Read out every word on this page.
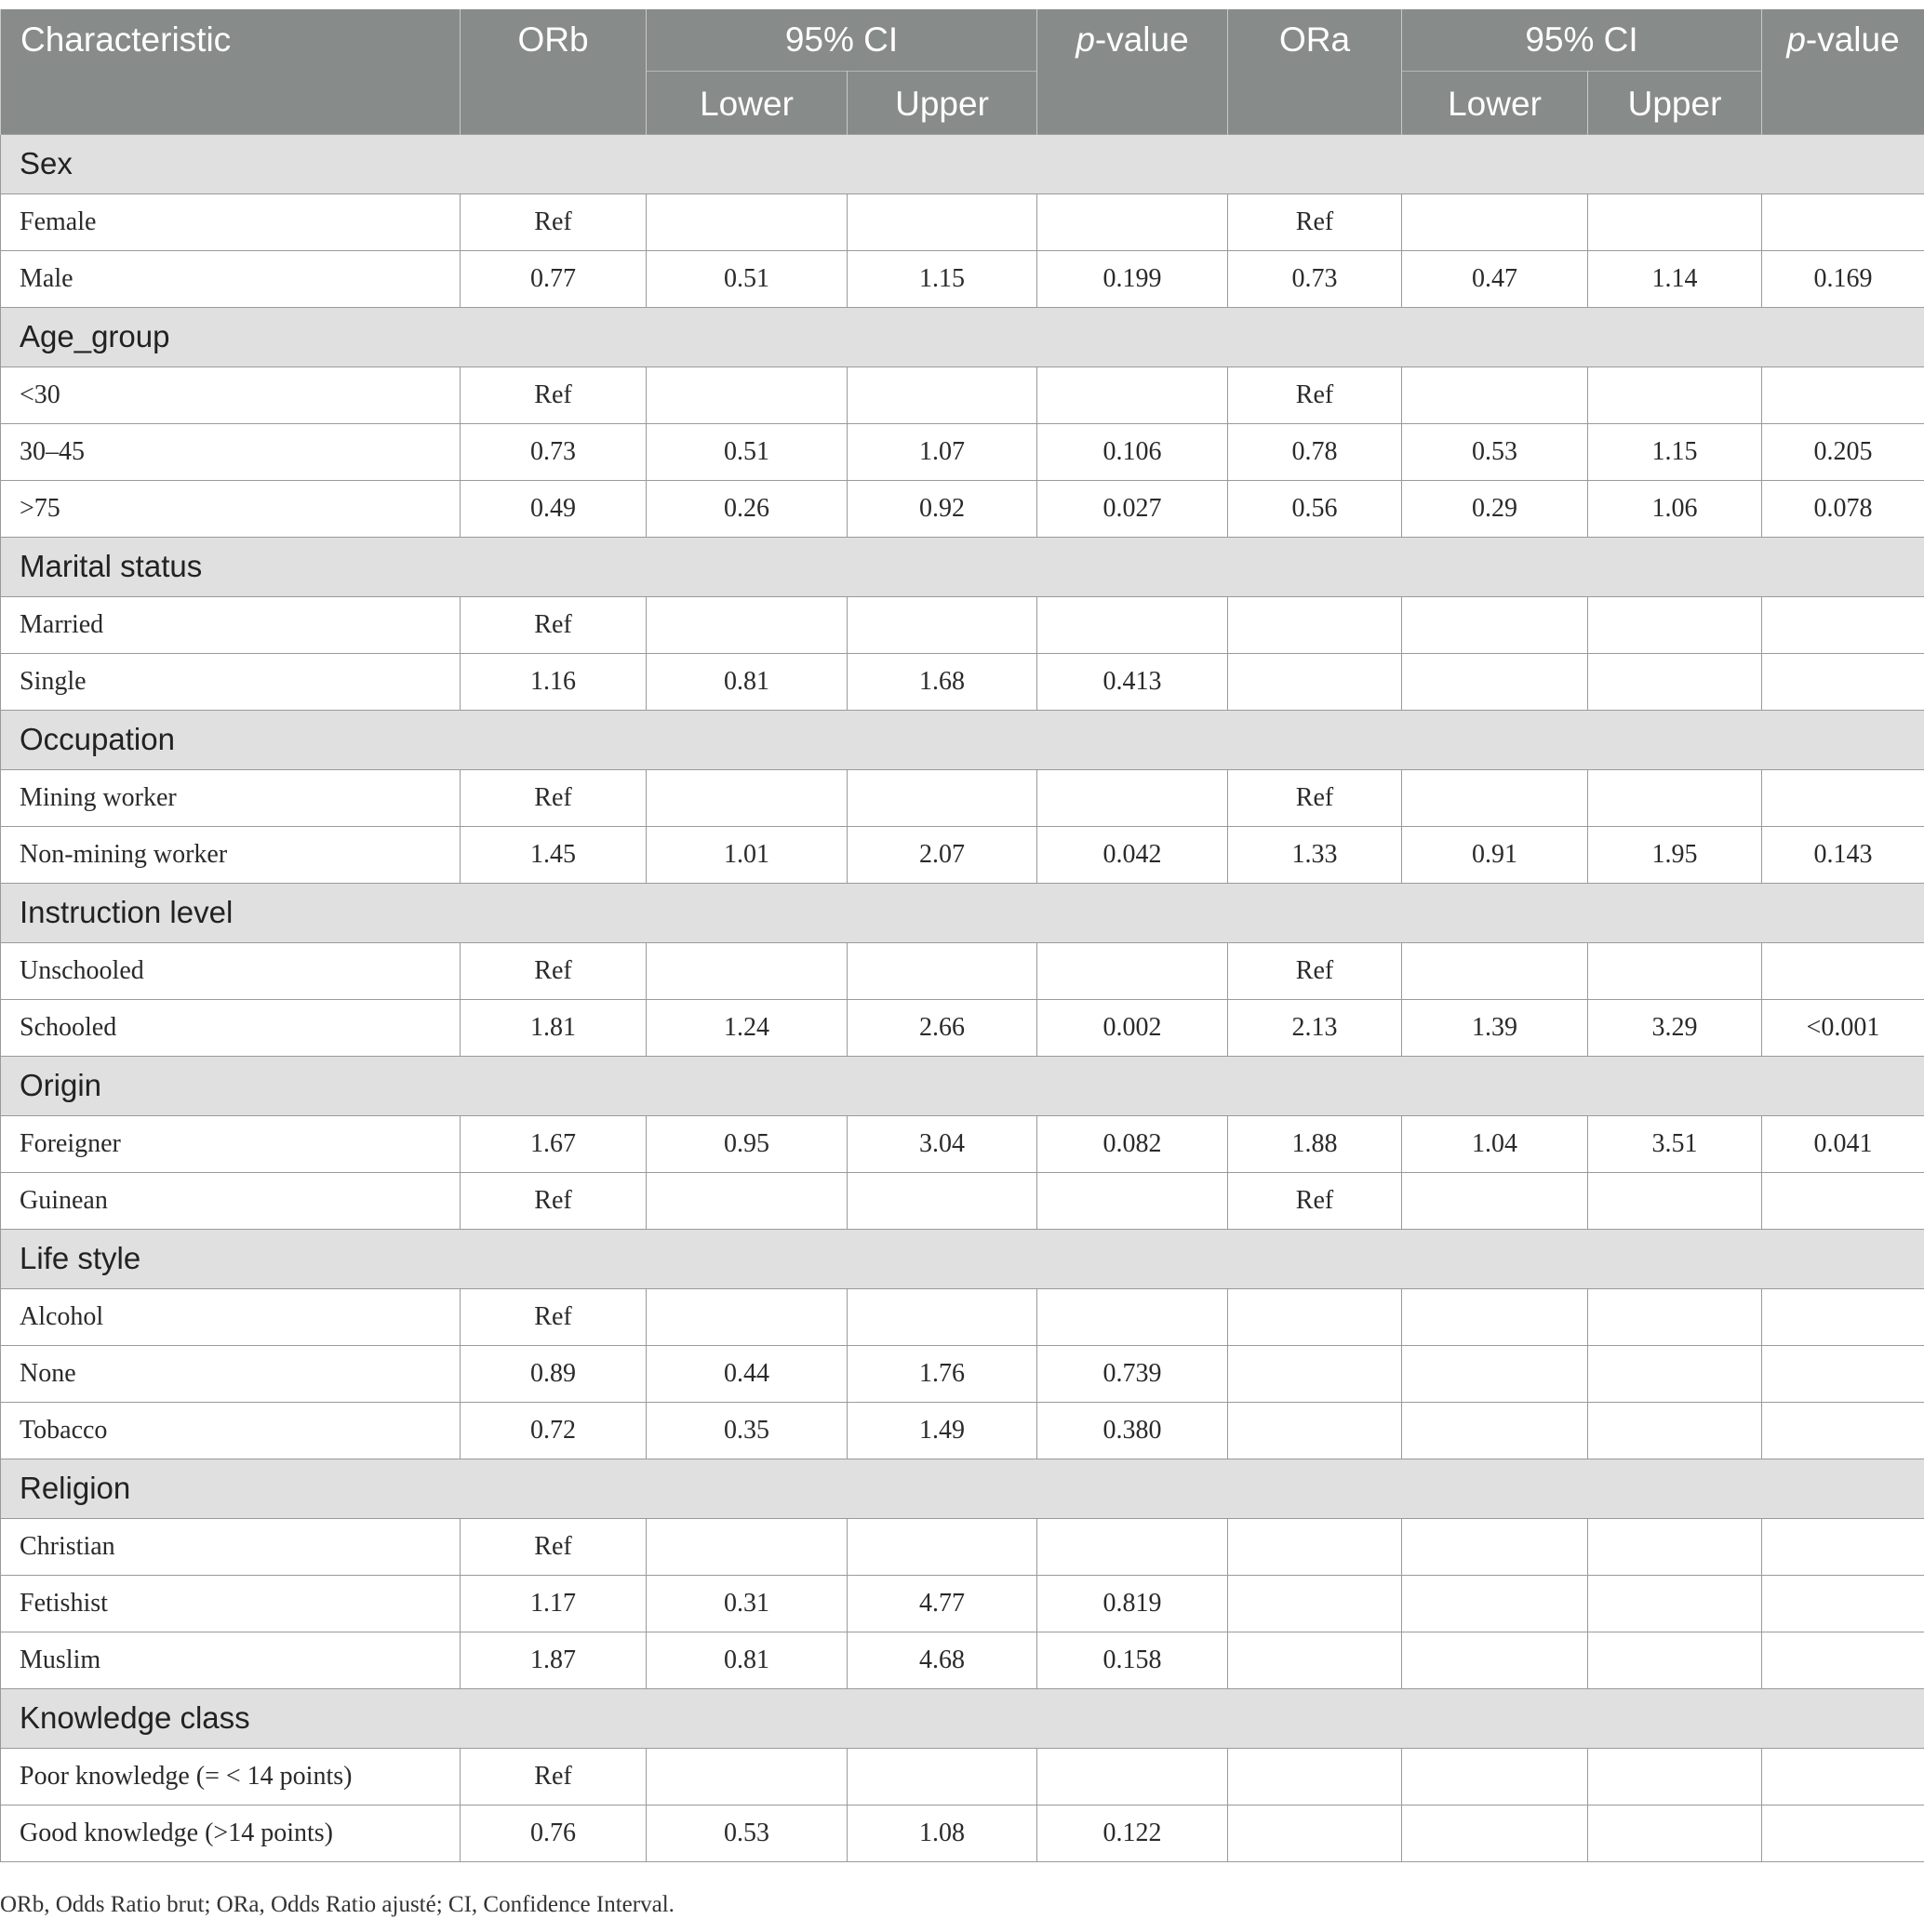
Characteristic	ORb	95% CI		p-value	ORa	95% CI		p-value
		Lower	Upper			Lower	Upper	
Sex								
Female	Ref				Ref			
Male	0.77	0.51	1.15	0.199	0.73	0.47	1.14	0.169
Age_group								
<30	Ref				Ref			
30–45	0.73	0.51	1.07	0.106	0.78	0.53	1.15	0.205
>75	0.49	0.26	0.92	0.027	0.56	0.29	1.06	0.078
Marital status								
Married	Ref							
Single	1.16	0.81	1.68	0.413				
Occupation								
Mining worker	Ref				Ref			
Non-mining worker	1.45	1.01	2.07	0.042	1.33	0.91	1.95	0.143
Instruction level								
Unschooled	Ref				Ref			
Schooled	1.81	1.24	2.66	0.002	2.13	1.39	3.29	<0.001
Origin								
Foreigner	1.67	0.95	3.04	0.082	1.88	1.04	3.51	0.041
Guinean	Ref				Ref			
Life style								
Alcohol	Ref							
None	0.89	0.44	1.76	0.739				
Tobacco	0.72	0.35	1.49	0.380				
Religion								
Christian	Ref							
Fetishist	1.17	0.31	4.77	0.819				
Muslim	1.87	0.81	4.68	0.158				
Knowledge class								
Poor knowledge (= < 14 points)	Ref							
Good knowledge (>14 points)	0.76	0.53	1.08	0.122				
ORb, Odds Ratio brut; ORa, Odds Ratio ajusté; CI, Confidence Interval.
